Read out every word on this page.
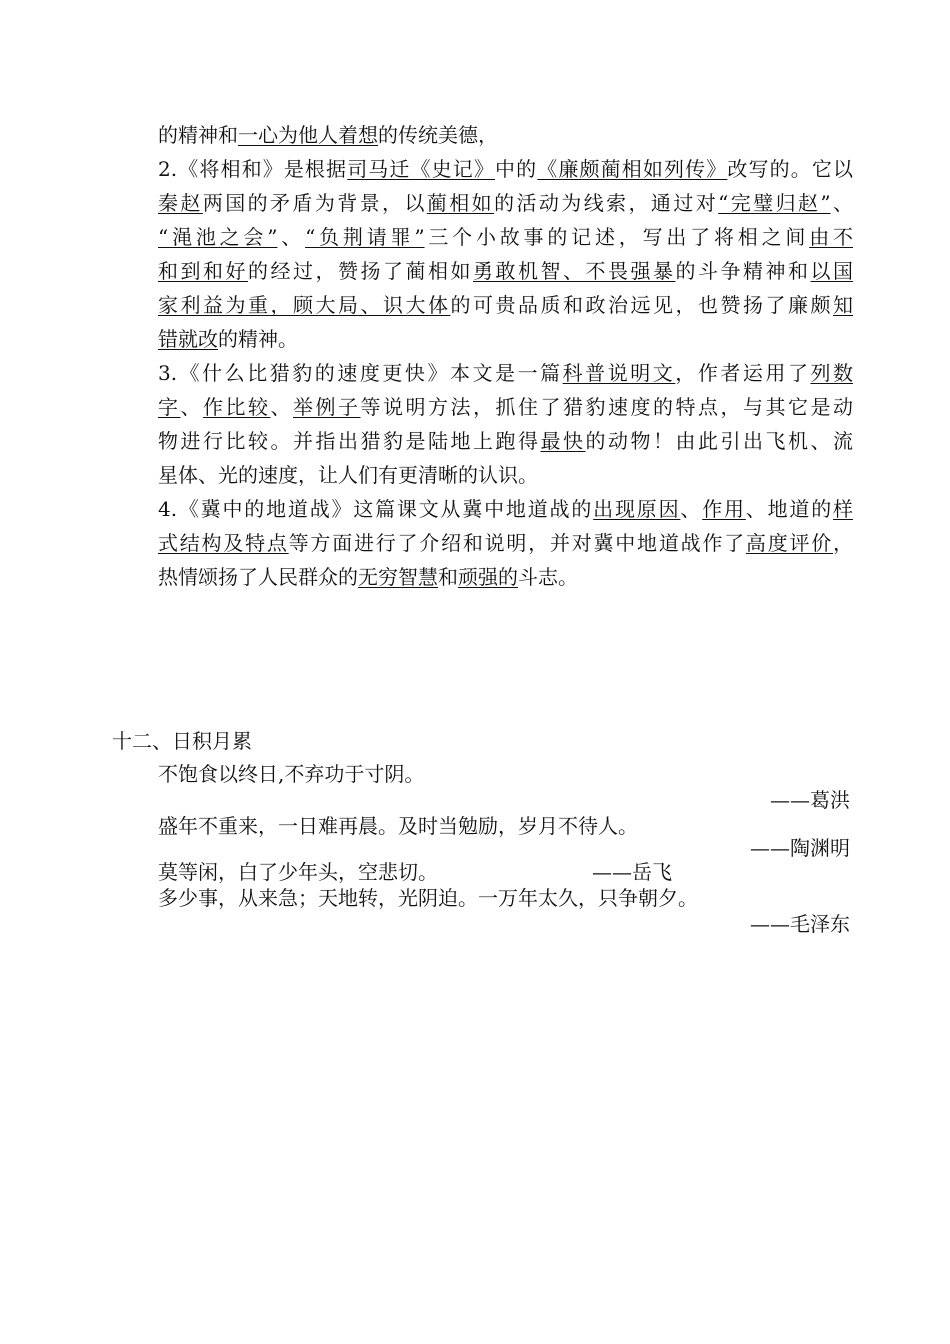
的精神和一心为他人着想的传统美德，
2.《将相和》是根据司马迁《史记》中的《廉颇蔺相如列传》改写的。它以
秦赵两国的矛盾为背景，以蔺相如的活动为线索，通过对“完璧归赵”、
“渑池之会”、“负荆请罪”三个小故事的记述，写出了将相之间由不
和到和好的经过，赞扬了蔺相如勇敢机智、不畏强暴的斗争精神和以国
家利益为重，顾大局、识大体的可贵品质和政治远见，也赞扬了廉颇知
错就改的精神。
3.《什么比猎豹的速度更快》本文是一篇科普说明文，作者运用了列数
字、作比较、举例子等说明方法，抓住了猎豹速度的特点，与其它是动
物进行比较。并指出猎豹是陆地上跑得最快的动物！由此引出飞机、流
星体、光的速度，让人们有更清晰的认识。
4.《冀中的地道战》这篇课文从冀中地道战的出现原因、作用、地道的样
式结构及特点等方面进行了介绍和说明，并对冀中地道战作了高度评价，
热情颂扬了人民群众的无穷智慧和顽强的斗志。
十二、日积月累
不饱食以终日,不弃功于寸阴。
——葛洪
盛年不重来，一日难再晨。及时当勉励，岁月不待人。
——陶渊明
莫等闲，白了少年头，空悲切。	——岳飞
多少事，从来急；天地转，光阴迫。一万年太久，只争朝夕。
——毛泽东
